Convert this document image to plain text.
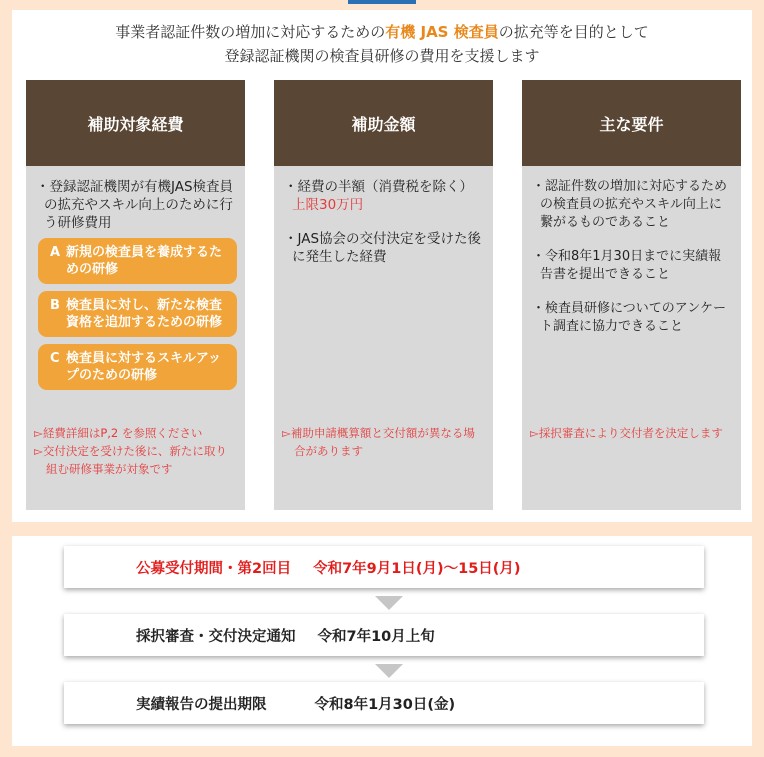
事業者認証件数の増加に対応するための有機 JAS 検査員の拡充等を目的として
登録認証機関の検査員研修の費用を支援します
補助対象経費

・登録認証機関が有機JAS検査員の拡充やスキル向上のために行う研修費用

A 新規の検査員を養成するための研修
B 検査員に対し、新たな検査資格を追加するための研修
C 検査員に対するスキルアップのための研修

▻経費詳細はP,2 を参照ください

▻交付決定を受けた後に、新たに取り組む研修事業が対象です

補助金額

・経費の半額（消費税を除く）
上限30万円

・JAS協会の交付決定を受けた後に発生した経費

▻補助申請概算額と交付額が異なる場合があります

主な要件

・認証件数の増加に対応するための検査員の拡充やスキル向上に繋がるものであること

・令和8年1月30日までに実績報告書を提出できること

・検査員研修についてのアンケート調査に協力できること

▻採択審査により交付者を決定します

公募受付期間・第2回目 令和7年9月1日(月)～15日(月)
採択審査・交付決定通知 令和7年10月上旬
実績報告の提出期限	令和8年1月30日(金)
